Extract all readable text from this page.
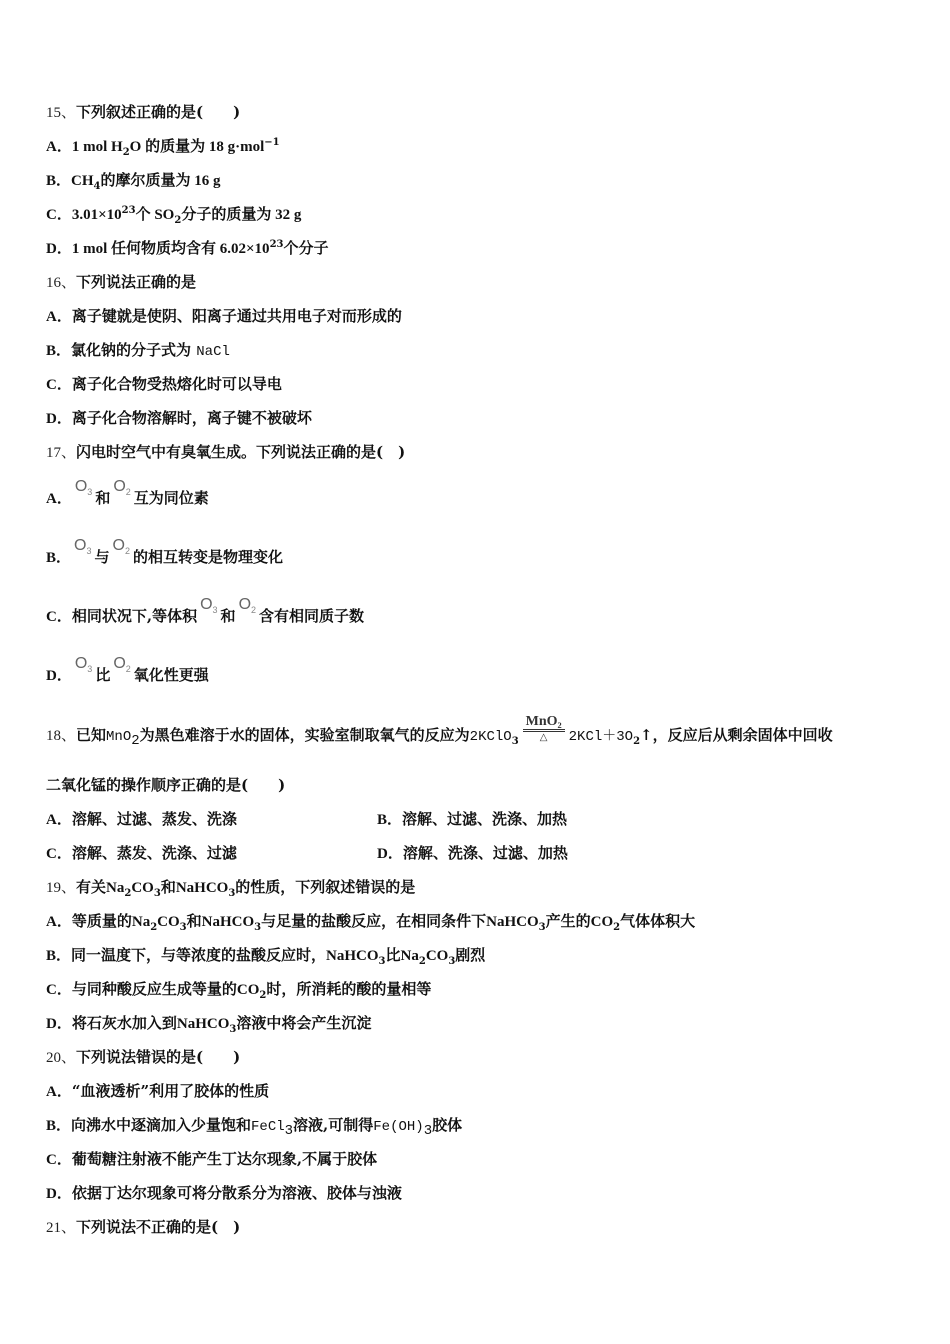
15、下列叙述正确的是(　　)
A．1 mol $H_2O$ 的质量为 18 g·mol$^{-1}$
B．$CH_4$的摩尔质量为 16 g
C．$3.01\times 10^{23}$个 $SO_2$分子的质量为 32 g
D．1 mol 任何物质均含有 $6.02\times 10^{23}$个分子
16、下列说法正确的是
A．离子键就是使阴、阳离子通过共用电子对而形成的
B．氯化钠的分子式为 NaCl
C．离子化合物受热熔化时可以导电
D．离子化合物溶解时，离子键不被破坏
17、闪电时空气中有臭氧生成。下列说法正确的是(　)
A．$O_3$ 和$O_2$ 互为同位素
B．$O_3$ 与$O_2$ 的相互转变是物理变化
C．相同状况下,等体积$O_3$ 和$O_2$ 含有相同质子数
D．$O_3$ 比$O_2$ 氧化性更强
18、已知MnO$_2$为黑色难溶于水的固体，实验室制取氧气的反应为2KClO$_3$
MnO₂
△	$2KCl+3O_2↑$，反应后从剩余固体中回收
二氧化锰的操作顺序正确的是(　　)
A．溶解、过滤、蒸发、洗涤	B．溶解、过滤、洗涤、加热
C．溶解、蒸发、洗涤、过滤	D．溶解、洗涤、过滤、加热
19、有关$Na_2CO_3$和NaHCO$_3$的性质，下列叙述错误的是
A．等质量的$Na_2CO_3$和NaHCO$_3$与足量的盐酸反应，在相同条件下NaHCO$_3$产生的$CO_2$气体体积大
B．同一温度下，与等浓度的盐酸反应时，NaHCO$_3$比$Na_2CO_3$剧烈
C．与同种酸反应生成等量的$CO_2$时，所消耗的酸的量相等
D．将石灰水加入到NaHCO$_3$溶液中将会产生沉淀
20、下列说法错误的是(　　)
A．“血液透析”利用了胶体的性质
B．向沸水中逐滴加入少量饱和FeCl$_3$溶液,可制得$Fe(OH)_3$胶体
C．葡萄糖注射液不能产生丁达尔现象,不属于胶体
D．依据丁达尔现象可将分散系分为溶液、胶体与浊液
21、下列说法不正确的是(　)
